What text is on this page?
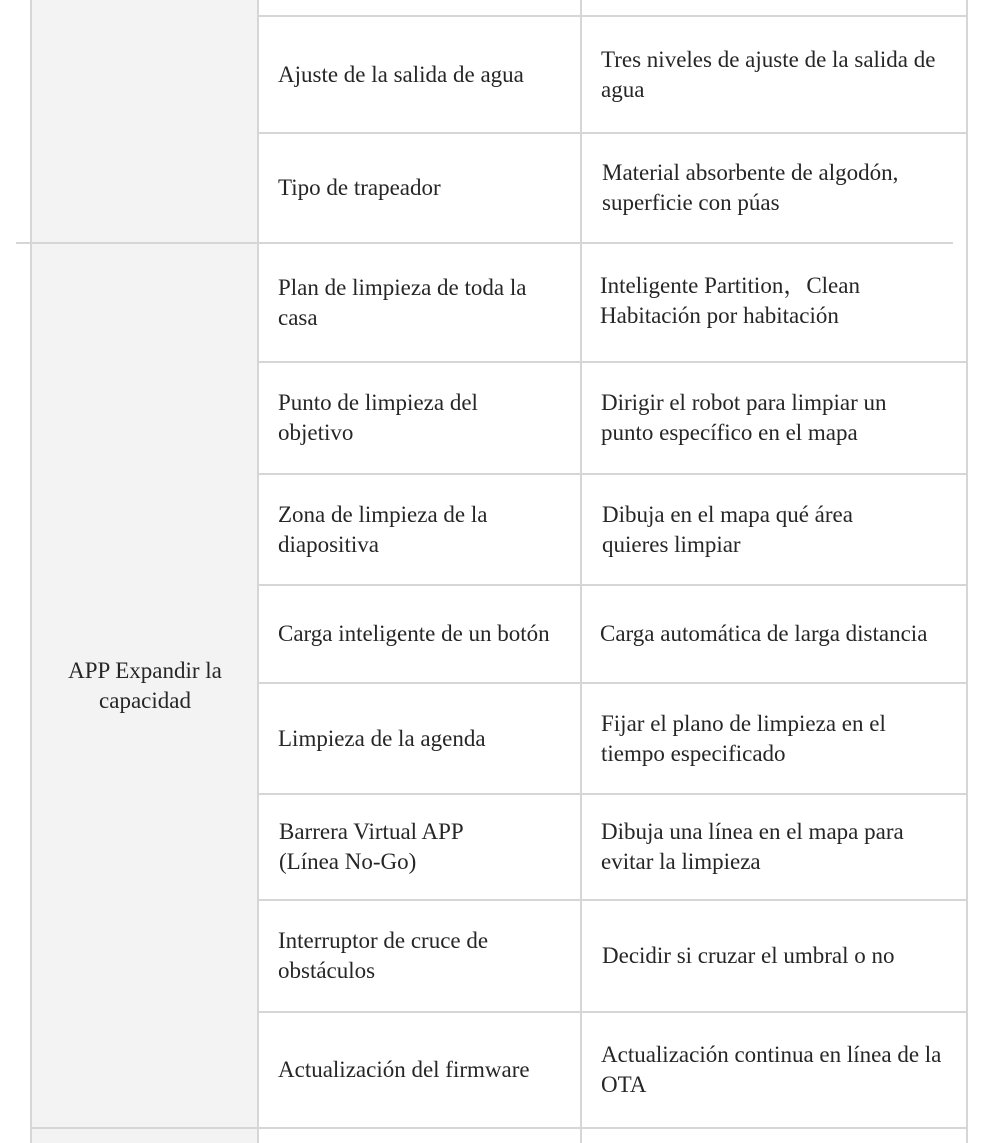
Ajuste de la salida de agua
Tres niveles de ajuste de la salida de agua
Tipo de trapeador
Material absorbente de algodón, superficie con púas
APP Expandir la capacidad
Plan de limpieza de toda la casa
Inteligente Partition，Clean Habitación por habitación
Punto de limpieza del objetivo
Dirigir el robot para limpiar un punto específico en el mapa
Zona de limpieza de la diapositiva
Dibuja en el mapa qué área quieres limpiar
Carga inteligente de un botón Carga automática de larga distancia
Limpieza de la agenda
Fijar el plano de limpieza en el tiempo especificado
Barrera Virtual APP (Línea No-Go)
Dibuja una línea en el mapa para evitar la limpieza
Interruptor de cruce de obstáculos
Decidir si cruzar el umbral o no
Actualización del firmware
Actualización continua en línea de la OTA
